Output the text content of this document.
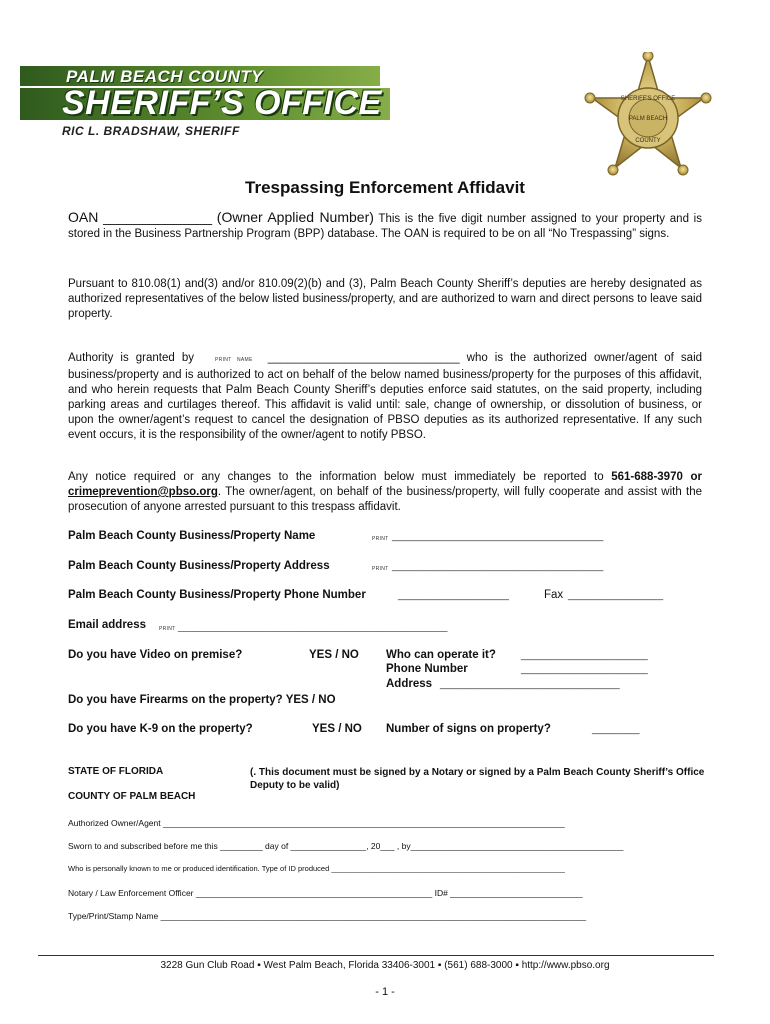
PALM BEACH COUNTY
SHERIFF’S OFFICE
RIC L. BRADSHAW, SHERIFF
SHERIFF'S OFFICE
PALM BEACH
COUNTY
Trespassing Enforcement Affidavit
OAN ______________ (Owner Applied Number) This is the five digit number assigned to your property and is stored in the Business Partnership Program (BPP) database. The OAN is required to be on all “No Trespassing” signs.
Pursuant to 810.08(1) and(3) and/or 810.09(2)(b) and (3), Palm Beach County Sheriff’s deputies are hereby designated as authorized representatives of the below listed business/property, and are authorized to warn and direct persons to leave said property.
Authority is granted by	PRINT NAME ______________________________ who is the authorized owner/agent of said business/property and is authorized to act on behalf of the below named business/property for the purposes of this affidavit, and who herein requests that Palm Beach County Sheriff’s deputies enforce said statutes, on the said property, including parking areas and curtilages thereof. This affidavit is valid until: sale, change of ownership, or dissolution of business, or upon the owner/agent’s request to cancel the designation of PBSO deputies as its authorized representative. If any such event occurs, it is the responsibility of the owner/agent to notify PBSO.
Any notice required or any changes to the information below must immediately be reported to 561-688-3970 or crimeprevention@pbso.org. The owner/agent, on behalf of the business/property, will fully cooperate and assist with the prosecution of anyone arrested pursuant to this trespass affidavit.
Palm Beach County Business/Property Name	PRINT ________________________________________
Palm Beach County Business/Property Address	PRINT ________________________________________
Palm Beach County Business/Property Phone Number	_____________________	Fax __________________
Email address	PRINT _________________________________________________________
Do you have Video on premise?	YES / NO Who can operate it?	________________________
Phone Number	________________________
Address __________________________________
Do you have Firearms on the property? YES / NO
Do you have K-9 on the property?	YES / NO Number of signs on property?	_________
STATE OF FLORIDA	(. This document must be signed by a Notary or signed by a Palm Beach County Sheriff’s Office Deputy to be valid)
COUNTY OF PALM BEACH
Authorized Owner/Agent _____________________________________________________________________________________
Sworn to and subscribed before me this _________ day of ________________, 20___ , by_____________________________________________
Who is personally known to me or produced identification. Type of ID produced ________________________________________________________
Notary / Law Enforcement Officer __________________________________________________ ID# ____________________________
Type/Print/Stamp Name __________________________________________________________________________________________
3228 Gun Club Road ▪ West Palm Beach, Florida 33406-3001 ▪ (561) 688-3000 ▪ http://www.pbso.org
- 1 -
